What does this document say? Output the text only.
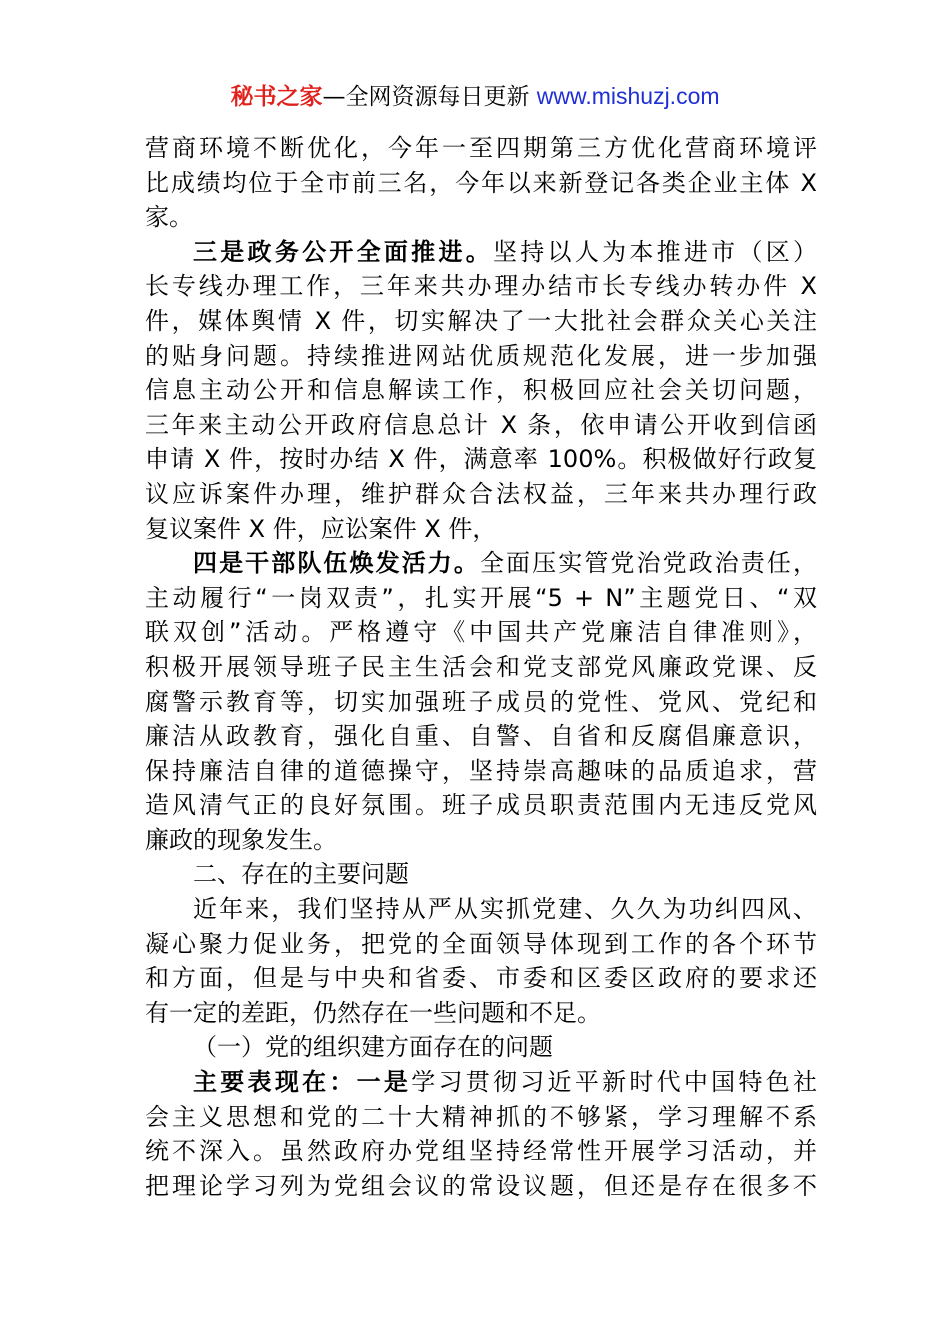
秘书之家—全网资源每日更新 www.mishuzj.com
营商环境不断优化，今年一至四期第三方优化营商环境评
比成绩均位于全市前三名，今年以来新登记各类企业主体 X
家。
三是政务公开全面推进。坚持以人为本推进市（区）
长专线办理工作，三年来共办理办结市长专线办转办件 X
件，媒体舆情 X 件，切实解决了一大批社会群众关心关注
的贴身问题。持续推进网站优质规范化发展，进一步加强
信息主动公开和信息解读工作，积极回应社会关切问题，
三年来主动公开政府信息总计 X 条，依申请公开收到信函
申请 X 件，按时办结 X 件，满意率 100%。积极做好行政复
议应诉案件办理，维护群众合法权益，三年来共办理行政
复议案件 X 件，应讼案件 X 件，
四是干部队伍焕发活力。全面压实管党治党政治责任，
主动履行“一岗双责”，扎实开展“5 + N”主题党日、“双
联双创”活动。严格遵守《中国共产党廉洁自律准则》，
积极开展领导班子民主生活会和党支部党风廉政党课、反
腐警示教育等，切实加强班子成员的党性、党风、党纪和
廉洁从政教育，强化自重、自警、自省和反腐倡廉意识，
保持廉洁自律的道德操守，坚持崇高趣味的品质追求，营
造风清气正的良好氛围。班子成员职责范围内无违反党风
廉政的现象发生。
二、存在的主要问题
近年来，我们坚持从严从实抓党建、久久为功纠四风、
凝心聚力促业务，把党的全面领导体现到工作的各个环节
和方面，但是与中央和省委、市委和区委区政府的要求还
有一定的差距，仍然存在一些问题和不足。
（一）党的组织建方面存在的问题
主要表现在：一是学习贯彻习近平新时代中国特色社
会主义思想和党的二十大精神抓的不够紧，学习理解不系
统不深入。虽然政府办党组坚持经常性开展学习活动，并
把理论学习列为党组会议的常设议题，但还是存在很多不
